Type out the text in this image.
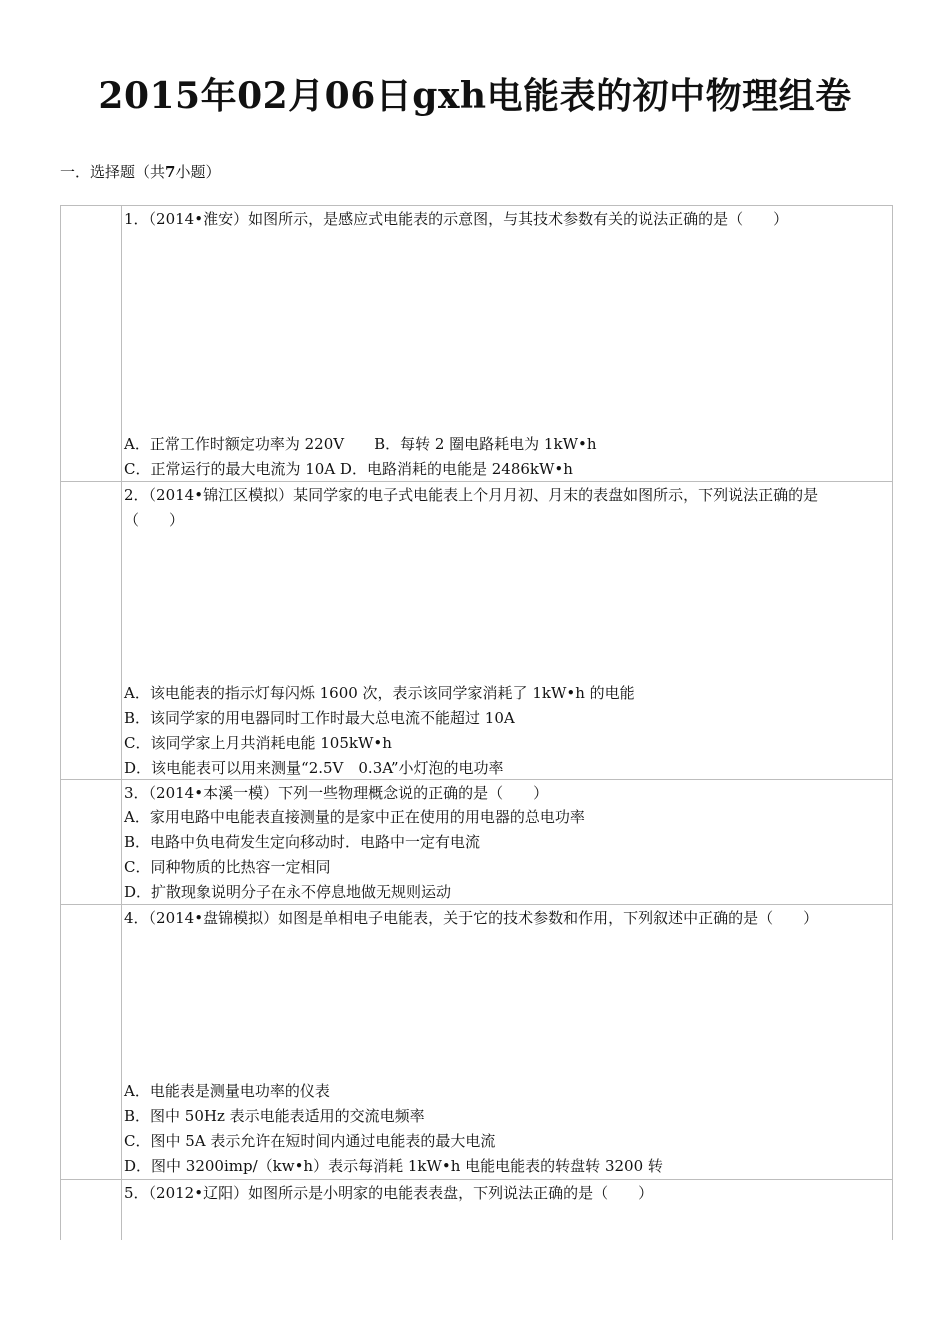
2015年02月06日gxh电能表的初中物理组卷
一．选择题（共7小题）
1．（2014•淮安）如图所示，是感应式电能表的示意图，与其技术参数有关的说法正确的是（　　）
A．正常工作时额定功率为 220V　　B．每转 2 圈电路耗电为 1kW•h
C．正常运行的最大电流为 10A D．电路消耗的电能是 2486kW•h
2．（2014•锦江区模拟）某同学家的电子式电能表上个月月初、月末的表盘如图所示，下列说法正确的是
（　　）
A．该电能表的指示灯每闪烁 1600 次，表示该同学家消耗了 1kW•h 的电能
B．该同学家的用电器同时工作时最大总电流不能超过 10A
C．该同学家上月共消耗电能 105kW•h
D．该电能表可以用来测量“2.5V　0.3A”小灯泡的电功率
3．（2014•本溪一模）下列一些物理概念说的正确的是（　　）
A．家用电路中电能表直接测量的是家中正在使用的用电器的总电功率
B．电路中负电荷发生定向移动时．电路中一定有电流
C．同种物质的比热容一定相同
D．扩散现象说明分子在永不停息地做无规则运动
4．（2014•盘锦模拟）如图是单相电子电能表，关于它的技术参数和作用，下列叙述中正确的是（　　）
A．电能表是测量电功率的仪表
B．图中 50Hz 表示电能表适用的交流电频率
C．图中 5A 表示允许在短时间内通过电能表的最大电流
D．图中 3200imp/（kw•h）表示每消耗 1kW•h 电能电能表的转盘转 3200 转
5．（2012•辽阳）如图所示是小明家的电能表表盘，下列说法正确的是（　　）
